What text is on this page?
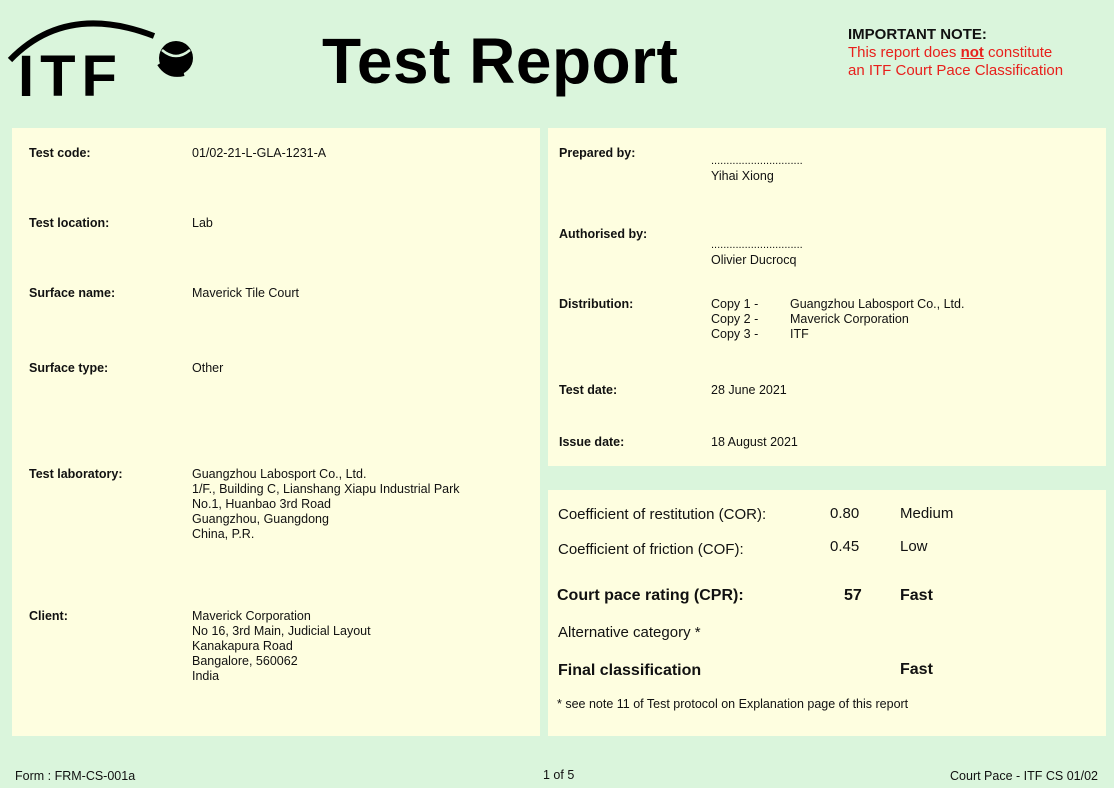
ITF	Test Report	IMPORTANT NOTE:
This report does not constitute
an ITF Court Pace Classification
Test code:	01/02-21-L-GLA-1231-A
Test location:	Lab
Surface name:	Maverick Tile Court
Surface type:	Other
Test laboratory:	Guangzhou Labosport Co., Ltd.
1/F., Building C, Lianshang Xiapu Industrial Park
No.1, Huanbao 3rd Road
Guangzhou, Guangdong
China, P.R.
Client:	Maverick Corporation
No 16, 3rd Main, Judicial Layout
Kanakapura Road
Bangalore, 560062
India
Prepared by:
..............................
Yihai Xiong
Authorised by:
..............................
Olivier Ducrocq
Distribution:	Copy 1 -	Guangzhou Labosport Co., Ltd.
Copy 2 -	Maverick Corporation
Copy 3 -	ITF
Test date:	28 June 2021
Issue date:	18 August 2021
Coefficient of restitution (COR):	0.80	Medium
Coefficient of friction (COF):	0.45	Low
Court pace rating (CPR):	57 Fast
Alternative category *
Final classification	Fast
* see note 11 of Test protocol on Explanation page of this report
Form : FRM-CS-001a	1 of 5	Court Pace - ITF CS 01/02
